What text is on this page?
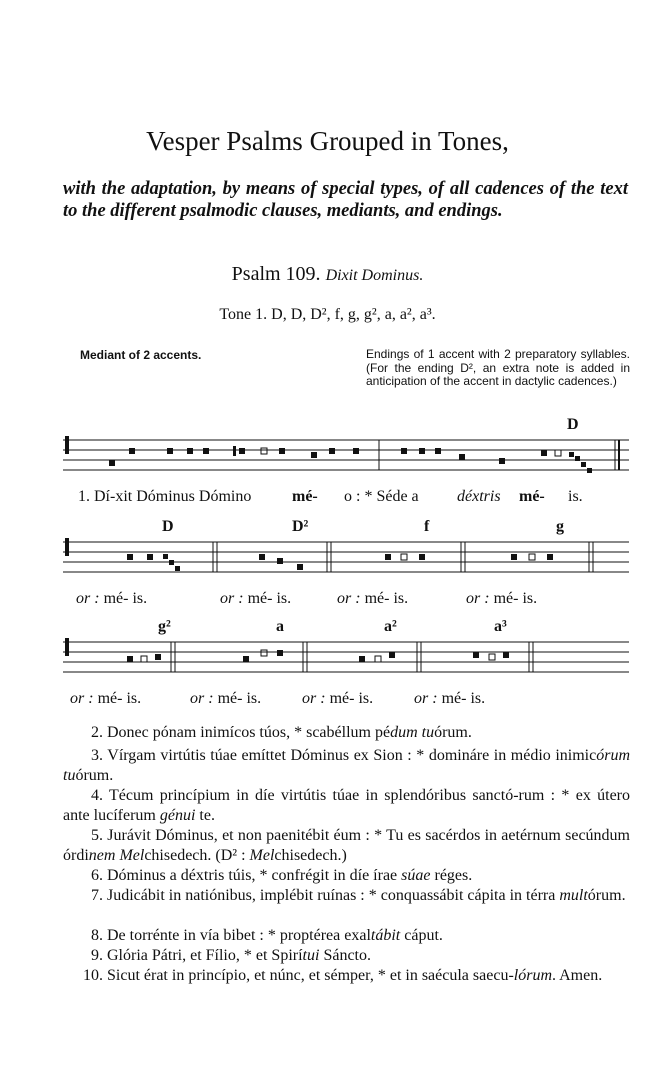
Vesper Psalms Grouped in Tones,
with the adaptation, by means of special types, of all cadences of the text to the different psalmodic clauses, mediants, and endings.
Psalm 109. Dixit Dominus.
Tone 1. D, D, D², f, g, g², a, a², a³.
Mediant of 2 accents.	Endings of 1 accent with 2 preparatory syllables. (For the ending D², an extra note is added in anticipation of the accent in dactylic cadences.)
D
1. Dí-xit Dóminus Dómino	mé- o : * Séde a déxtris mé- is.
D	D²	f	g
or : mé- is.	or : mé- is.	or : mé- is.	or : mé- is.
g²	a	a²	a³
or : mé- is.	or : mé- is.	or : mé- is.	or : mé- is.
2. Donec pónam inimícos túos, * scabéllum pédum tuórum.
3. Vírgam virtútis túae emíttet Dóminus ex Sion : * domináre in médio inimicórum tuórum.
4. Técum princípium in díe virtútis túae in splendóribus sanctó-rum : * ex útero ante lucíferum génui te.
5. Jurávit Dóminus, et non paenitébit éum : * Tu es sacérdos in aetérnum secúndum órdinem Melchisedech. (D² : Melchisedech.)
6. Dóminus a déxtris túis, * confrégit in díe írae súae réges.
7. Judicábit in natiónibus, implébit ruínas : * conquassábit cápita in térra multórum.
8. De torrénte in vía bibet : * proptérea exaltábit cáput.
9. Glória Pátri, et Fílio, * et Spirítui Sáncto.
10. Sicut érat in princípio, et núnc, et sémper, * et in saécula saecu-lórum. Amen.
